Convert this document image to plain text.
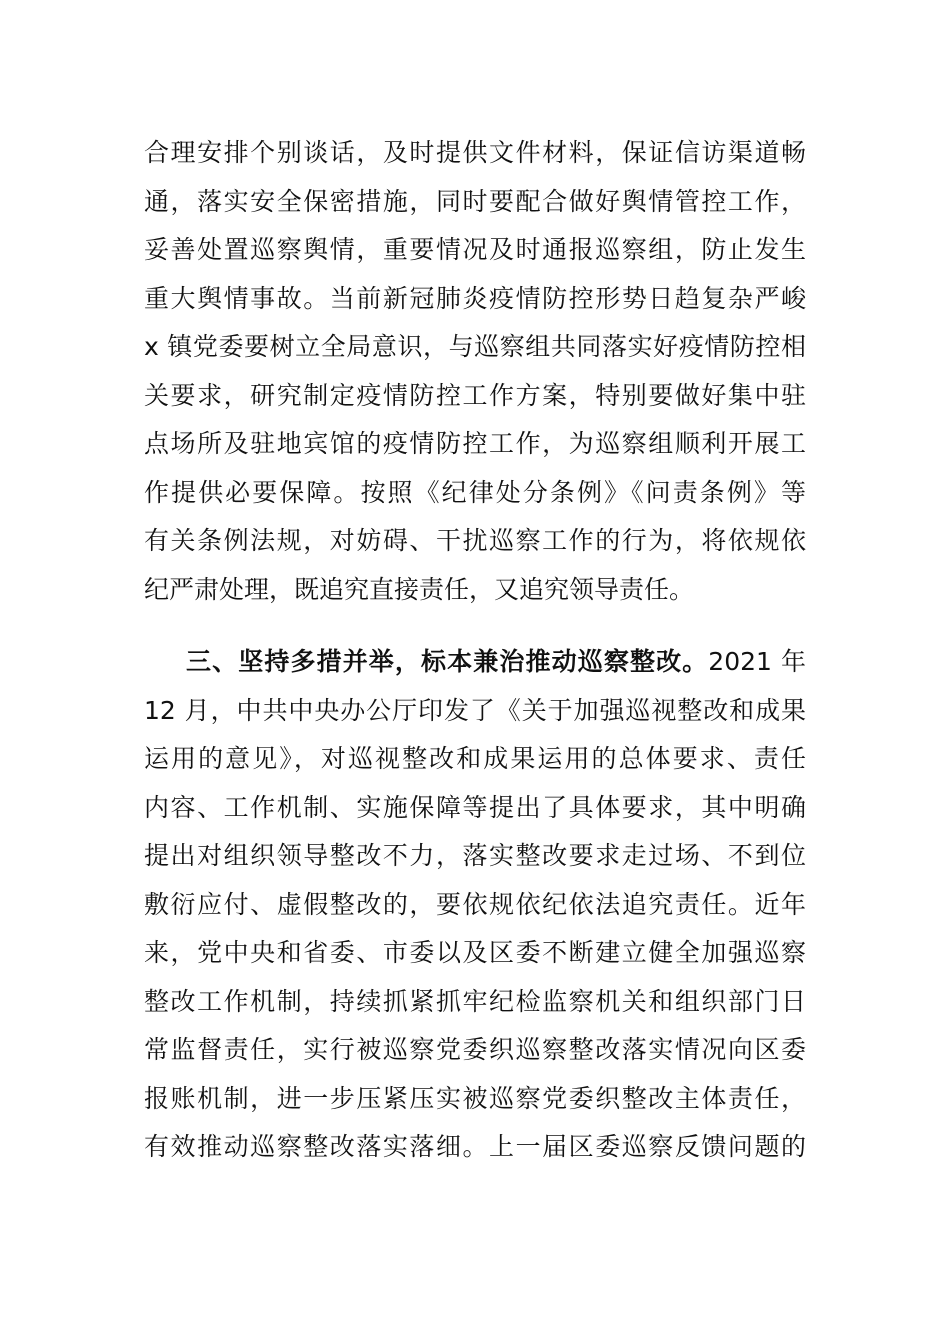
合理安排个别谈话，及时提供文件材料，保证信访渠道畅
通，落实安全保密措施，同时要配合做好舆情管控工作，
妥善处置巡察舆情，重要情况及时通报巡察组，防止发生
重大舆情事故。当前新冠肺炎疫情防控形势日趋复杂严峻
x 镇党委要树立全局意识，与巡察组共同落实好疫情防控相
关要求，研究制定疫情防控工作方案，特别要做好集中驻
点场所及驻地宾馆的疫情防控工作，为巡察组顺利开展工
作提供必要保障。按照《纪律处分条例》《问责条例》等
有关条例法规，对妨碍、干扰巡察工作的行为，将依规依
纪严肃处理，既追究直接责任，又追究领导责任。
三、坚持多措并举，标本兼治推动巡察整改。2021 年
12 月，中共中央办公厅印发了《关于加强巡视整改和成果
运用的意见》，对巡视整改和成果运用的总体要求、责任
内容、工作机制、实施保障等提出了具体要求，其中明确
提出对组织领导整改不力，落实整改要求走过场、不到位
敷衍应付、虚假整改的，要依规依纪依法追究责任。近年
来，党中央和省委、市委以及区委不断建立健全加强巡察
整改工作机制，持续抓紧抓牢纪检监察机关和组织部门日
常监督责任，实行被巡察党委织巡察整改落实情况向区委
报账机制，进一步压紧压实被巡察党委织整改主体责任，
有效推动巡察整改落实落细。上一届区委巡察反馈问题的
